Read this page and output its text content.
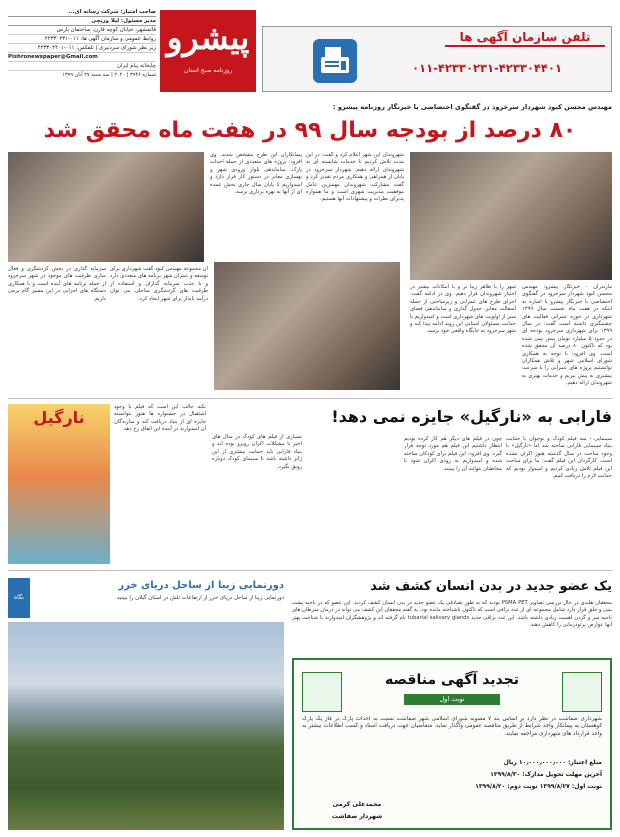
صاحب امتیاز: شرکت رسانه ای...
مدیر مسئول: لیلا ورپچی
قائمشهر، خیابان کوچه قارن، ساختمان پارس
روابط عمومی و سازمان آگهی ها: ۰۱۱-۴۲۳۳۰۲۳۱
زیر نظر شورای سردبیری | تلفکس: ۰۱۱-۴۲۳۳۰۴۴۰۱
Pishronewspaper@Gmail.com
چاپخانه پیام ایران
شماره ۳۹۴۶ | ۲۰۲۰ | سه شنبه ۲۷ آبان ۱۳۹۹
پیشرو
روزنامه صبح استان
تلفن سازمان آگهی ها
۰۱۱-۴۲۳۳۰۲۳۱-۴۲۳۳۰۴۴۰۱
مهندس محسن کبود شهردار سرخرود در گفتگوی اختصاصی با خبرنگار روزنامه پیشرو :
۸۰ درصد از بودجه سال ۹۹ در هفت ماه محقق شد
مازندران - خبرنگار پیشرو: مهندس محسن کبود شهردار سرخرود در گفتگوی اختصاصی با خبرنگار پیشرو با اشاره به اینکه در هفت ماه نخست سال ۱۳۹۹ شهرداری در حوزه عمرانی فعالیت های چشمگیری داشته است گفت: در سال ۱۳۹۹ برای شهرداری سرخرود بودجه ای در حدود ۵ میلیارد تومان پیش بینی شده بود که تاکنون ۸۰ درصد آن محقق شده است. وی افزود: با توجه به همکاری شورای اسلامی شهر و تلاش همکاران توانستیم پروژه های عمرانی را با سرعت بیشتری به پیش ببریم و خدمات بهتری به شهروندان ارائه دهیم.
شهر را با ظاهر زیبا تر و با امکانات بیشتر در اختیار شهروندان قرار دهیم. وی در ادامه گفت: اجرای طرح های عمرانی و زیرساختی از جمله آسفالت معابر، جدول گذاری و ساماندهی فضای سبز از اولویت های شهرداری است و امیدواریم با حمایت مسئولان استانی این روند ادامه پیدا کند و شهر سرخرود به جایگاه واقعی خود برسد.
شهروندان این شهر اعلام کرد و گفت: در این مدت تلاش کردیم تا خدمات شایسته ای به شهروندان ارائه دهیم. شهردار سرخرود در پایان از همراهی و همکاری مردم تقدیر کرد و گفت مشارکت شهروندان مهمترین عامل موفقیت مدیریت شهری است و ما همواره پذیرای نظرات و پیشنهادات آنها هستیم.
پیمانکاران این طرح مشخص شدند. وی افزود: پروژه های متعددی از جمله احداث پارک، ساماندهی بلوار ورودی شهر و بهسازی معابر در دستور کار قرار دارد و امیدواریم تا پایان سال جاری بخش عمده ای از آنها به بهره برداری برسد.
آن مجموعه مهندس کبود گفت شهرداری برای توسعه و عمران شهر برنامه های متعددی دارد و با جذب سرمایه گذاران و استفاده از ظرفیت های گردشگری ساحلی می توان درآمد پایدار برای شهر ایجاد کرد.
سرمایه گذاری در بخش گردشگری و فعال سازی ظرفیت های موجود در شهر سرخرود از جمله برنامه های آینده است و با همکاری دستگاه های اجرایی در این مسیر گام برمی داریم.
فارابی به «نارگیل» جایزه نمی دهد!
نارگیل
سینمایی - سه فیلم کودک و نوجوان با حمایت بنیاد سینمایی فارابی ساخته شد اما «نارگیل» با وجود ساخت در سال گذشته هنوز اکران نشده است. کارگردان این فیلم گفت: ما برای ساخت این فیلم تلاش زیادی کردیم و امیدوار بودیم که حمایت لازم را دریافت کنیم.
چون در فیلم های دیگر هم کار کرده بودیم انتظار داشتیم این فیلم هم مورد توجه قرار گیرد. وی افزود: این فیلم برای کودکان ساخته شده و امیدواریم به زودی اکران شود تا مخاطبان بتوانند آن را ببینند.
بسیاری از فیلم های کودک در سال های اخیر با مشکلات اکران روبرو بوده اند و بنیاد فارابی باید حمایت بیشتری از این ژانر داشته باشد تا سینمای کودک دوباره رونق بگیرد.
نکته جالب این است که فیلم با وجود استقبال در جشنواره ها هنوز نتوانسته جایزه ای از بنیاد دریافت کند و سازندگان آن امیدوارند در آینده این اتفاق رخ دهد.
نگاه
دورنمایی زیبا از ساحل دریای خزر
دورنمایی زیبا از ساحل دریای خزر از ارتفاعات تلش در استان گیلان را ببینید
یک عضو جدید در بدن انسان کشف شد
محققان هلندی در حال بررسی تصاویر PSMA PET بودند که به طور تصادفی یک عضو جدید در بدن انسان کشف کردند. این عضو که در ناحیه پشت بینی و حلق قرار دارد شامل مجموعه ای از غدد بزاقی است که تاکنون ناشناخته مانده بود. به گفته محققان این کشف می تواند در درمان سرطان های ناحیه سر و گردن اهمیت زیادی داشته باشد. این غدد بزاقی جدید tubarial salivary glands نام گرفته اند و پژوهشگران امیدوارند با شناخت بهتر آنها عوارض پرتودرمانی را کاهش دهند.
تجدید آگهی مناقصه
نوبت اول
شهرداری صفاشت در نظر دارد بر اساس بند ۷ مصوبه شورای اسلامی شهر صفاشت نسبت به احداث پارک در فاز یک پارک کوهستان به پیمانکار واجد شرایط از طریق مناقصه عمومی واگذار نماید. متقاضیان جهت دریافت اسناد و کسب اطلاعات بیشتر به واحد قرارداد های شهرداری مراجعه نمایند.
مبلغ اعتبار: ۱۰٫۰۰۰٫۰۰۰٫۰۰۰ ریال
آخرین مهلت تحویل مدارک: ۱۳۹۹/۸/۳۰
نوبت اول: ۱۳۹۹/۸/۲۷ نوبت دوم: ۱۳۹۹/۸/۲۰
محمدعلی کرمی
شهردار صفاشت
